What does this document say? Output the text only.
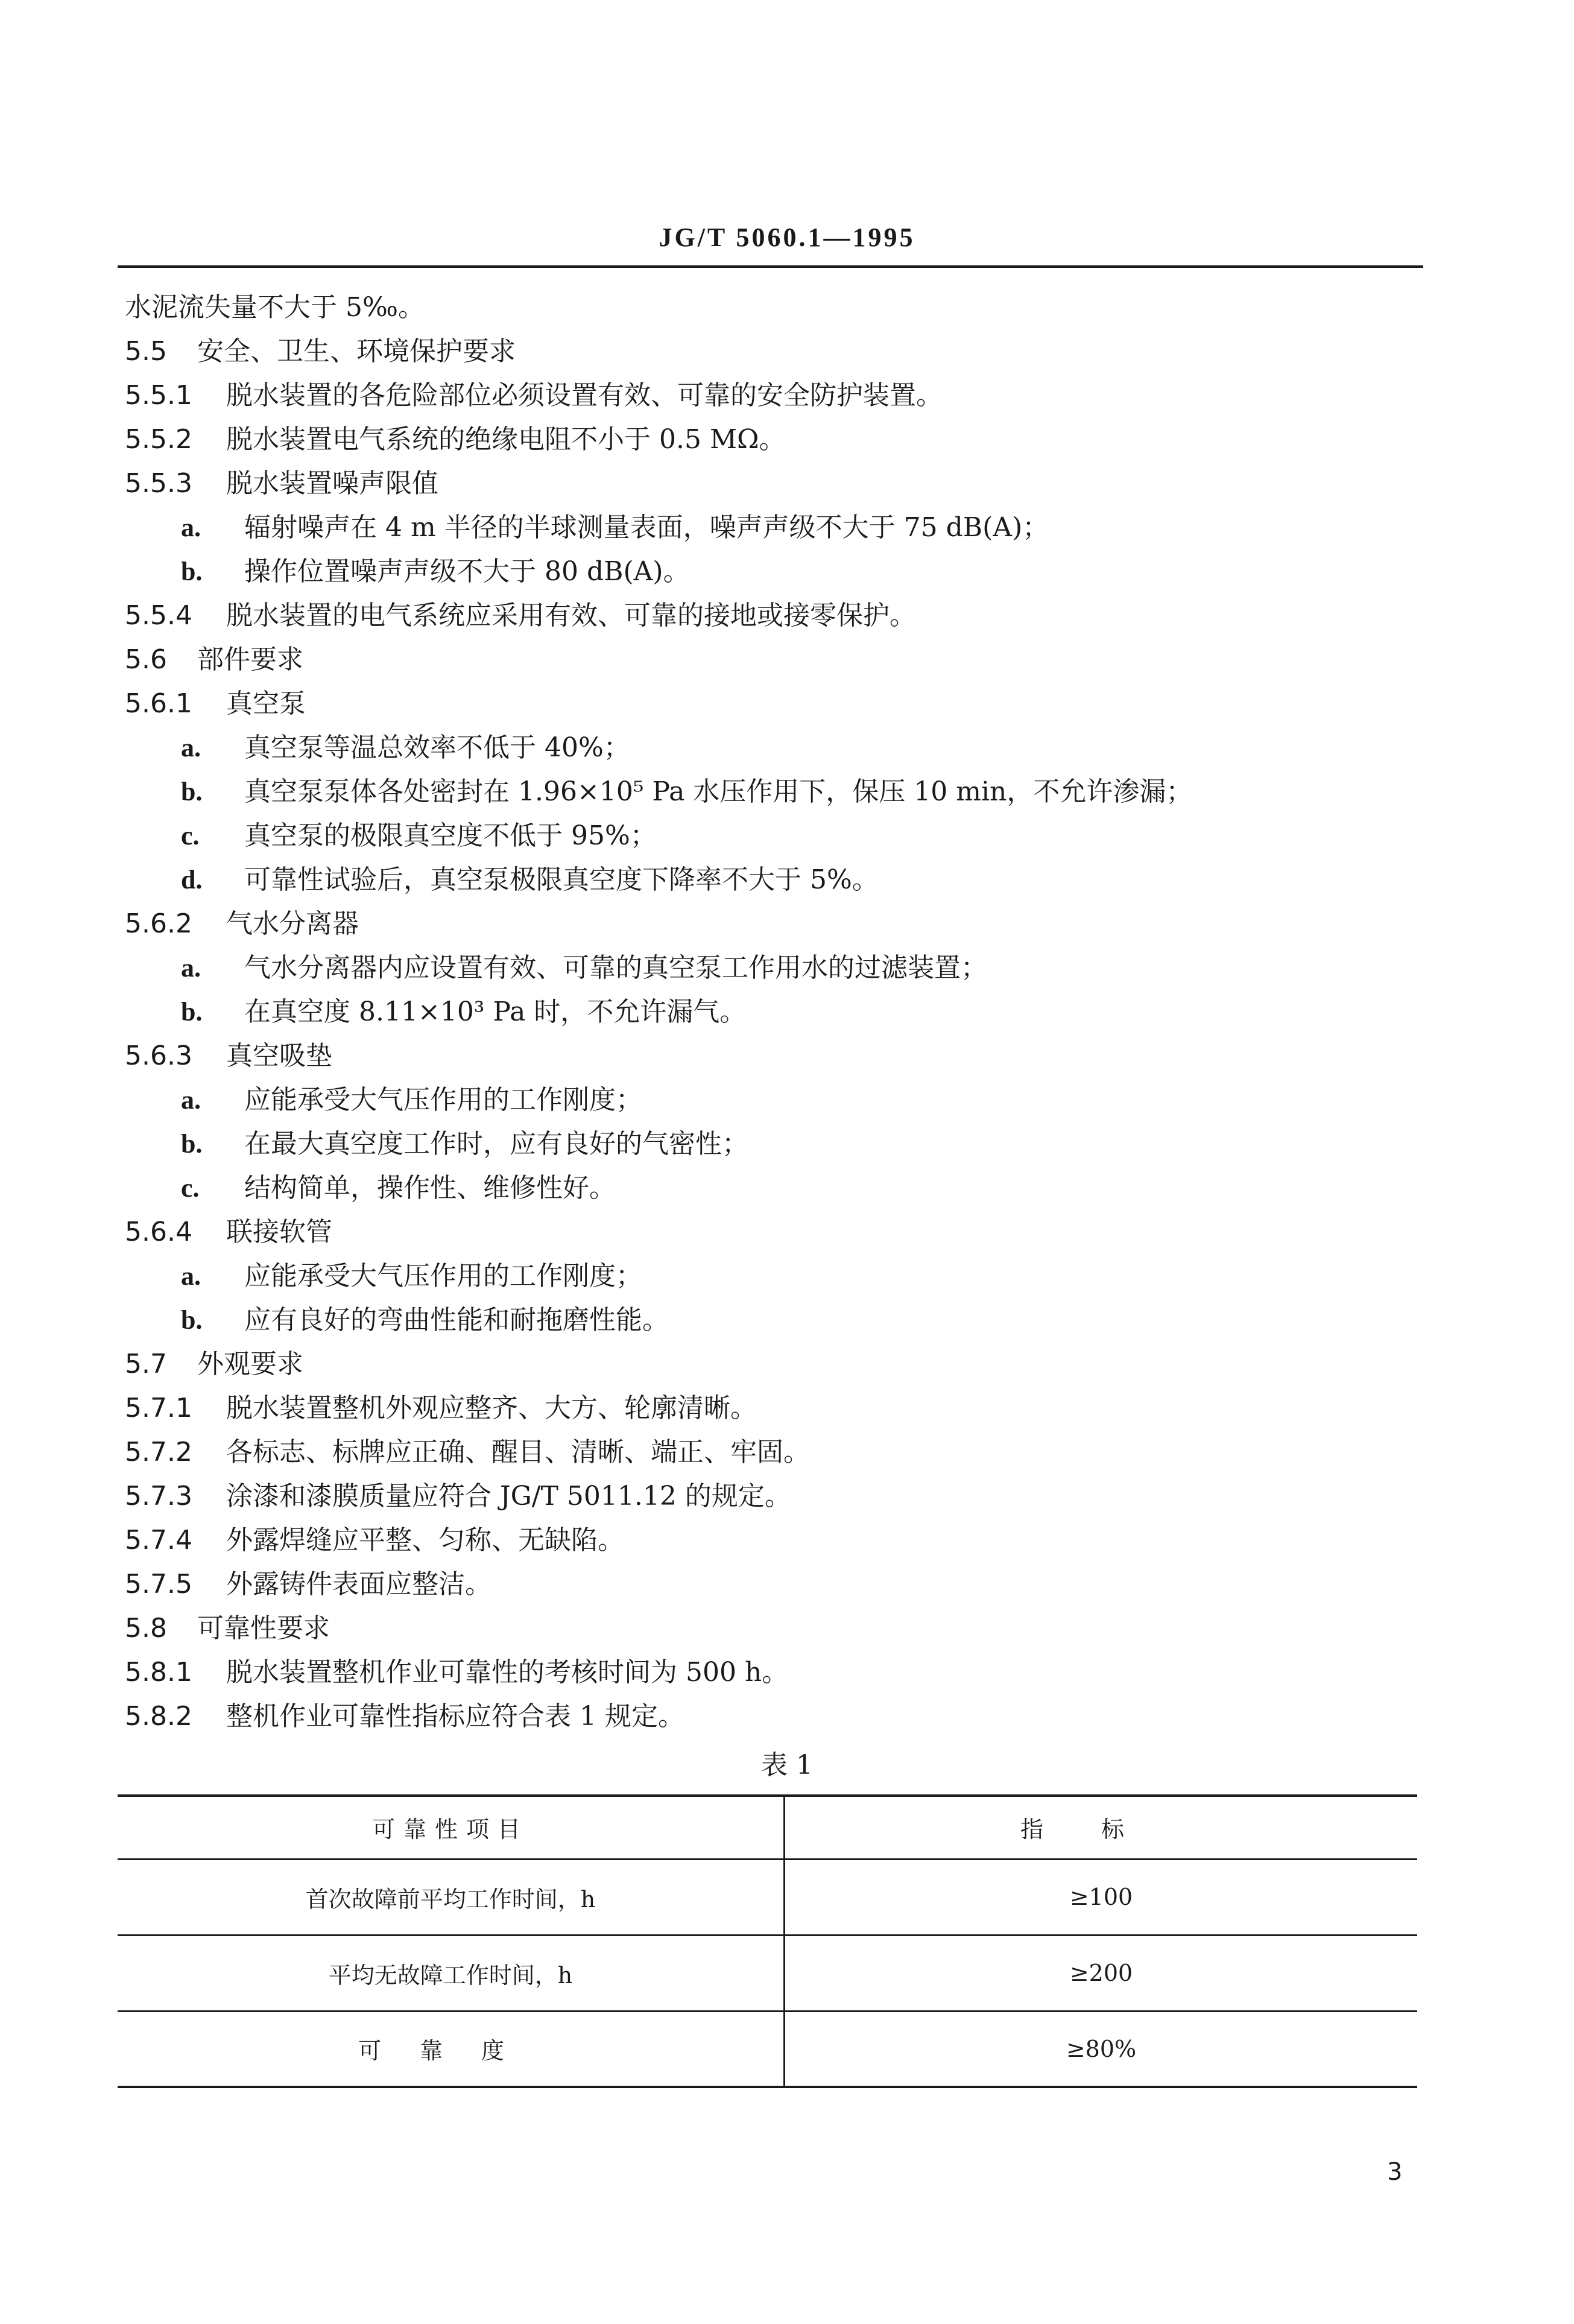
JG/T 5060.1—1995
水泥流失量不大于 5‰。
5.5 安全、卫生、环境保护要求
5.5.1 脱水装置的各危险部位必须设置有效、可靠的安全防护装置。
5.5.2 脱水装置电气系统的绝缘电阻不小于 0.5 MΩ。
5.5.3 脱水装置噪声限值
a. 辐射噪声在 4 m 半径的半球测量表面，噪声声级不大于 75 dB(A)；
b. 操作位置噪声声级不大于 80 dB(A)。
5.5.4 脱水装置的电气系统应采用有效、可靠的接地或接零保护。
5.6 部件要求
5.6.1 真空泵
a. 真空泵等温总效率不低于 40%；
b. 真空泵泵体各处密封在 1.96×10⁵ Pa 水压作用下，保压 10 min，不允许渗漏；
c. 真空泵的极限真空度不低于 95%；
d. 可靠性试验后，真空泵极限真空度下降率不大于 5%。
5.6.2 气水分离器
a. 气水分离器内应设置有效、可靠的真空泵工作用水的过滤装置；
b. 在真空度 8.11×10³ Pa 时，不允许漏气。
5.6.3 真空吸垫
a. 应能承受大气压作用的工作刚度；
b. 在最大真空度工作时，应有良好的气密性；
c. 结构简单，操作性、维修性好。
5.6.4 联接软管
a. 应能承受大气压作用的工作刚度；
b. 应有良好的弯曲性能和耐拖磨性能。
5.7 外观要求
5.7.1 脱水装置整机外观应整齐、大方、轮廓清晰。
5.7.2 各标志、标牌应正确、醒目、清晰、端正、牢固。
5.7.3 涂漆和漆膜质量应符合 JG/T 5011.12 的规定。
5.7.4 外露焊缝应平整、匀称、无缺陷。
5.7.5 外露铸件表面应整洁。
5.8 可靠性要求
5.8.1 脱水装置整机作业可靠性的考核时间为 500 h。
5.8.2 整机作业可靠性指标应符合表 1 规定。
表 1
可靠性项目	指标
首次故障前平均工作时间，h	≥100
平均无故障工作时间，h	≥200
可靠度	≥80%
3
